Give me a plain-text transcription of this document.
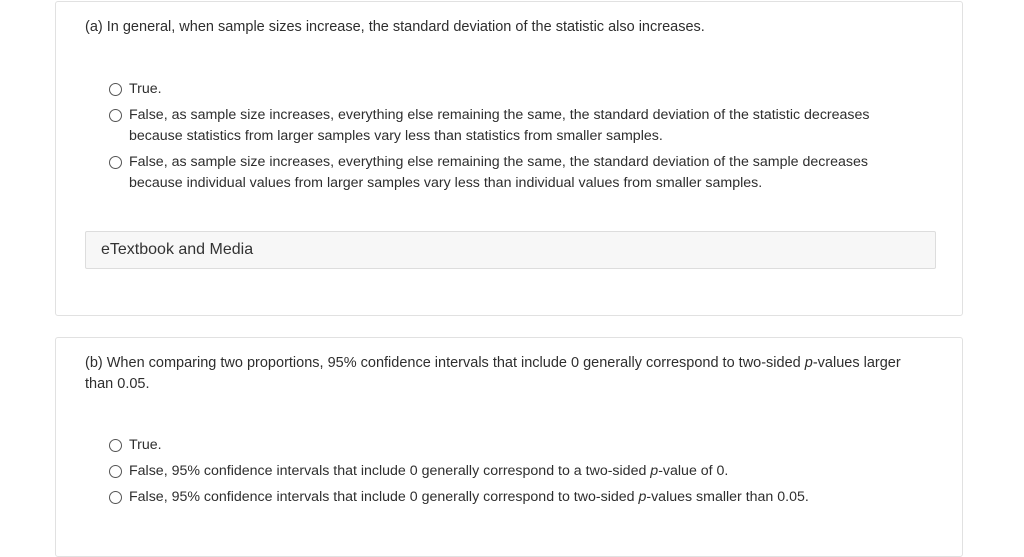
(a) In general, when sample sizes increase, the standard deviation of the statistic also increases.
True.
False, as sample size increases, everything else remaining the same, the standard deviation of the statistic decreases because statistics from larger samples vary less than statistics from smaller samples.
False, as sample size increases, everything else remaining the same, the standard deviation of the sample decreases because individual values from larger samples vary less than individual values from smaller samples.
eTextbook and Media
(b) When comparing two proportions, 95% confidence intervals that include 0 generally correspond to two-sided p-values larger than 0.05.
True.
False, 95% confidence intervals that include 0 generally correspond to a two-sided p-value of 0.
False, 95% confidence intervals that include 0 generally correspond to two-sided p-values smaller than 0.05.
